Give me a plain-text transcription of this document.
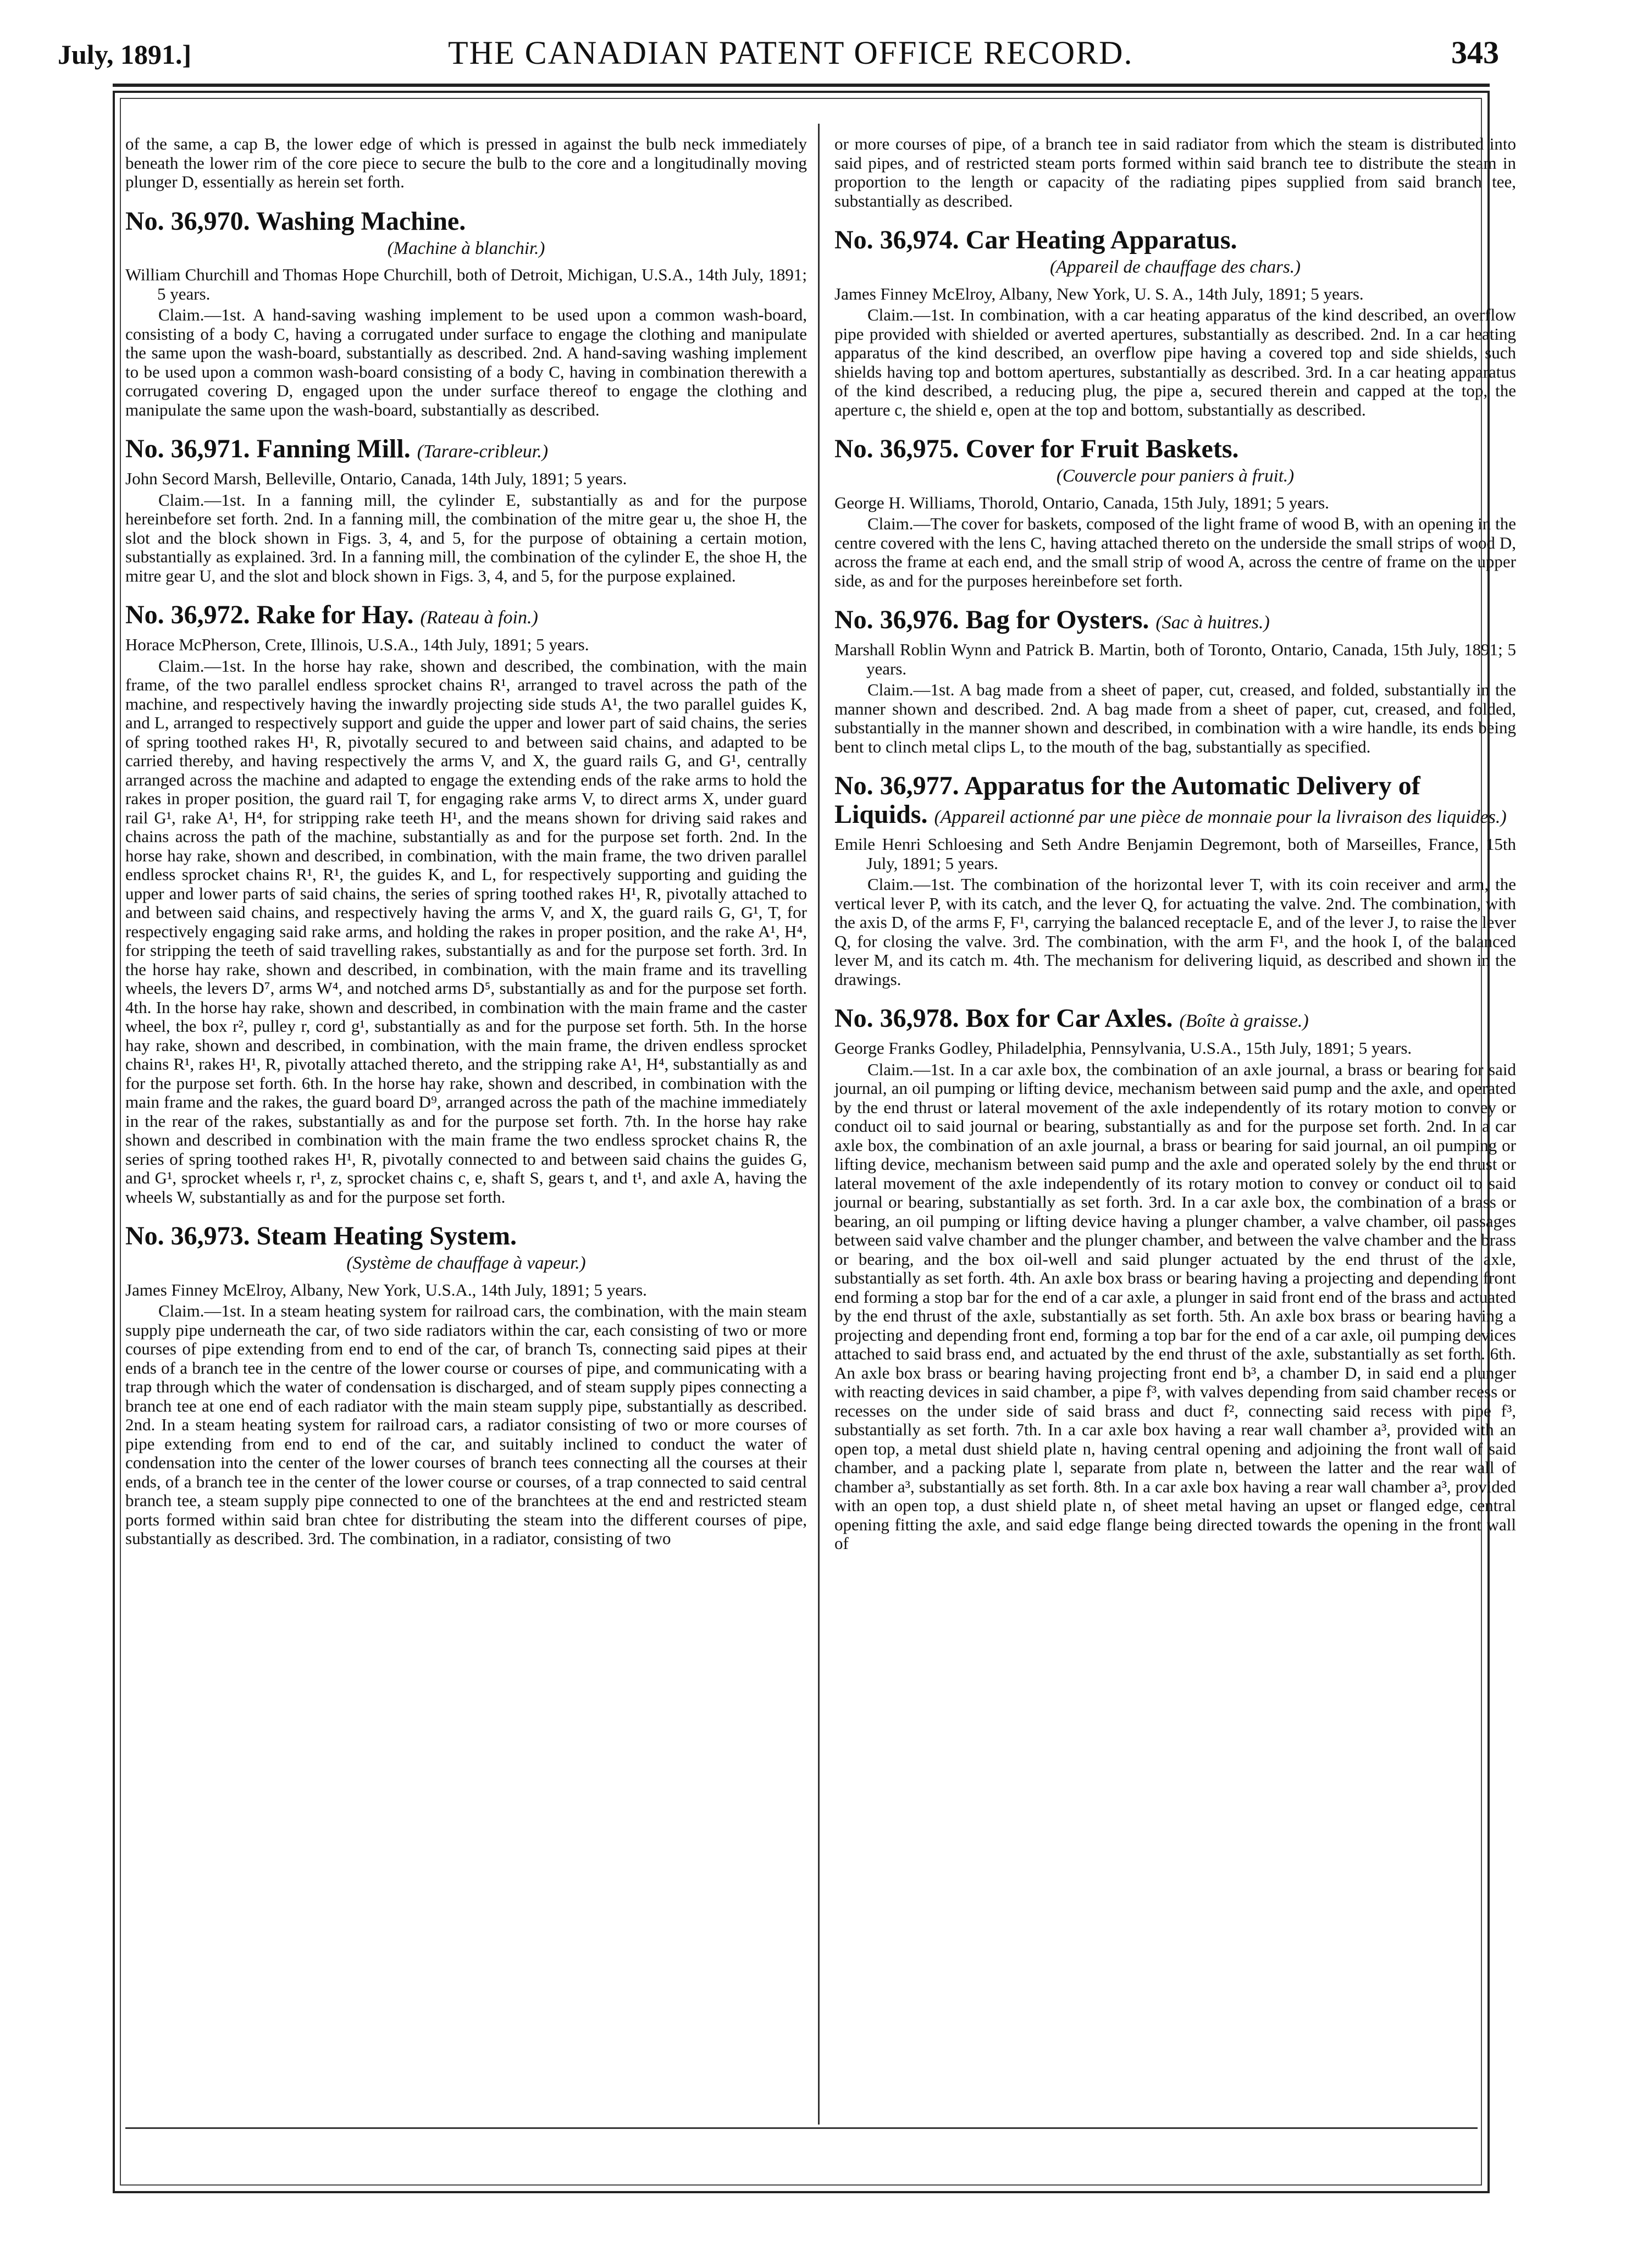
July, 1891.]	THE CANADIAN PATENT OFFICE RECORD.	343

of the same, a cap B, the lower edge of which is pressed in against the bulb neck immediately beneath the lower rim of the core piece to secure the bulb to the core and a longitudinally moving plunger D, essentially as herein set forth.

No. 36,970. Washing Machine.
(Machine à blanchir.)

William Churchill and Thomas Hope Churchill, both of Detroit, Michigan, U.S.A., 14th July, 1891; 5 years.

Claim.—1st. A hand-saving washing implement to be used upon a common wash-board, consisting of a body C, having a corrugated under surface to engage the clothing and manipulate the same upon the wash-board, substantially as described. 2nd. A hand-saving washing implement to be used upon a common wash-board consisting of a body C, having in combination therewith a corrugated covering D, engaged upon the under surface thereof to engage the clothing and manipulate the same upon the wash-board, substantially as described.

No. 36,971. Fanning Mill. (Tarare-cribleur.)

John Secord Marsh, Belleville, Ontario, Canada, 14th July, 1891; 5 years.

Claim.—1st. In a fanning mill, the cylinder E, substantially as and for the purpose hereinbefore set forth. 2nd. In a fanning mill, the combination of the mitre gear u, the shoe H, the slot and the block shown in Figs. 3, 4, and 5, for the purpose of obtaining a certain motion, substantially as explained. 3rd. In a fanning mill, the combination of the cylinder E, the shoe H, the mitre gear U, and the slot and block shown in Figs. 3, 4, and 5, for the purpose explained.

No. 36,972. Rake for Hay. (Rateau à foin.)

Horace McPherson, Crete, Illinois, U.S.A., 14th July, 1891; 5 years.

Claim.—1st. In the horse hay rake, shown and described, the combination, with the main frame, of the two parallel endless sprocket chains R¹, arranged to travel across the path of the machine, and respectively having the inwardly projecting side studs A¹, the two parallel guides K, and L, arranged to respectively support and guide the upper and lower part of said chains, the series of spring toothed rakes H¹, R, pivotally secured to and between said chains, and adapted to be carried thereby, and having respectively the arms V, and X, the guard rails G, and G¹, centrally arranged across the machine and adapted to engage the extending ends of the rake arms to hold the rakes in proper position, the guard rail T, for engaging rake arms V, to direct arms X, under guard rail G¹, rake A¹, H⁴, for stripping rake teeth H¹, and the means shown for driving said rakes and chains across the path of the machine, substantially as and for the purpose set forth. 2nd. In the horse hay rake, shown and described, in combination, with the main frame, the two driven parallel endless sprocket chains R¹, R¹, the guides K, and L, for respectively supporting and guiding the upper and lower parts of said chains, the series of spring toothed rakes H¹, R, pivotally attached to and between said chains, and respectively having the arms V, and X, the guard rails G, G¹, T, for respectively engaging said rake arms, and holding the rakes in proper position, and the rake A¹, H⁴, for stripping the teeth of said travelling rakes, substantially as and for the purpose set forth. 3rd. In the horse hay rake, shown and described, in combination, with the main frame and its travelling wheels, the levers D⁷, arms W⁴, and notched arms D⁵, substantially as and for the purpose set forth. 4th. In the horse hay rake, shown and described, in combination with the main frame and the caster wheel, the box r², pulley r, cord g¹, substantially as and for the purpose set forth. 5th. In the horse hay rake, shown and described, in combination, with the main frame, the driven endless sprocket chains R¹, rakes H¹, R, pivotally attached thereto, and the stripping rake A¹, H⁴, substantially as and for the purpose set forth. 6th. In the horse hay rake, shown and described, in combination with the main frame and the rakes, the guard board D⁹, arranged across the path of the machine immediately in the rear of the rakes, substantially as and for the purpose set forth. 7th. In the horse hay rake shown and described in combination with the main frame the two endless sprocket chains R, the series of spring toothed rakes H¹, R, pivotally connected to and between said chains the guides G, and G¹, sprocket wheels r, r¹, z, sprocket chains c, e, shaft S, gears t, and t¹, and axle A, having the wheels W, substantially as and for the purpose set forth.

No. 36,973. Steam Heating System.
(Système de chauffage à vapeur.)

James Finney McElroy, Albany, New York, U.S.A., 14th July, 1891; 5 years.

Claim.—1st. In a steam heating system for railroad cars, the combination, with the main steam supply pipe underneath the car, of two side radiators within the car, each consisting of two or more courses of pipe extending from end to end of the car, of branch Ts, connecting said pipes at their ends of a branch tee in the centre of the lower course or courses of pipe, and communicating with a trap through which the water of condensation is discharged, and of steam supply pipes connecting a branch tee at one end of each radiator with the main steam supply pipe, substantially as described. 2nd. In a steam heating system for railroad cars, a radiator consisting of two or more courses of pipe extending from end to end of the car, and suitably inclined to conduct the water of condensation into the center of the lower courses of branch tees connecting all the courses at their ends, of a branch tee in the center of the lower course or courses, of a trap connected to said central branch tee, a steam supply pipe connected to one of the branchtees at the end and restricted steam ports formed within said bran chtee for distributing the steam into the different courses of pipe, substantially as described. 3rd. The combination, in a radiator, consisting of two

or more courses of pipe, of a branch tee in said radiator from which the steam is distributed into said pipes, and of restricted steam ports formed within said branch tee to distribute the steam in proportion to the length or capacity of the radiating pipes supplied from said branch tee, substantially as described.

No. 36,974. Car Heating Apparatus.
(Appareil de chauffage des chars.)

James Finney McElroy, Albany, New York, U. S. A., 14th July, 1891; 5 years.

Claim.—1st. In combination, with a car heating apparatus of the kind described, an overflow pipe provided with shielded or averted apertures, substantially as described. 2nd. In a car heating apparatus of the kind described, an overflow pipe having a covered top and side shields, such shields having top and bottom apertures, substantially as described. 3rd. In a car heating apparatus of the kind described, a reducing plug, the pipe a, secured therein and capped at the top, the aperture c, the shield e, open at the top and bottom, substantially as described.

No. 36,975. Cover for Fruit Baskets.
(Couvercle pour paniers à fruit.)

George H. Williams, Thorold, Ontario, Canada, 15th July, 1891; 5 years.

Claim.—The cover for baskets, composed of the light frame of wood B, with an opening in the centre covered with the lens C, having attached thereto on the underside the small strips of wood D, across the frame at each end, and the small strip of wood A, across the centre of frame on the upper side, as and for the purposes hereinbefore set forth.

No. 36,976. Bag for Oysters. (Sac à huitres.)

Marshall Roblin Wynn and Patrick B. Martin, both of Toronto, Ontario, Canada, 15th July, 1891; 5 years.

Claim.—1st. A bag made from a sheet of paper, cut, creased, and folded, substantially in the manner shown and described. 2nd. A bag made from a sheet of paper, cut, creased, and folded, substantially in the manner shown and described, in combination with a wire handle, its ends being bent to clinch metal clips L, to the mouth of the bag, substantially as specified.

No. 36,977. Apparatus for the Automatic Delivery of Liquids. (Appareil actionné par une pièce de monnaie pour la livraison des liquides.)

Emile Henri Schloesing and Seth Andre Benjamin Degremont, both of Marseilles, France, 15th July, 1891; 5 years.

Claim.—1st. The combination of the horizontal lever T, with its coin receiver and arm, the vertical lever P, with its catch, and the lever Q, for actuating the valve. 2nd. The combination, with the axis D, of the arms F, F¹, carrying the balanced receptacle E, and of the lever J, to raise the lever Q, for closing the valve. 3rd. The combination, with the arm F¹, and the hook I, of the balanced lever M, and its catch m. 4th. The mechanism for delivering liquid, as described and shown in the drawings.

No. 36,978. Box for Car Axles. (Boîte à graisse.)

George Franks Godley, Philadelphia, Pennsylvania, U.S.A., 15th July, 1891; 5 years.

Claim.—1st. In a car axle box, the combination of an axle journal, a brass or bearing for said journal, an oil pumping or lifting device, mechanism between said pump and the axle, and operated by the end thrust or lateral movement of the axle independently of its rotary motion to convey or conduct oil to said journal or bearing, substantially as and for the purpose set forth. 2nd. In a car axle box, the combination of an axle journal, a brass or bearing for said journal, an oil pumping or lifting device, mechanism between said pump and the axle and operated solely by the end thrust or lateral movement of the axle independently of its rotary motion to convey or conduct oil to said journal or bearing, substantially as set forth. 3rd. In a car axle box, the combination of a brass or bearing, an oil pumping or lifting device having a plunger chamber, a valve chamber, oil passages between said valve chamber and the plunger chamber, and between the valve chamber and the brass or bearing, and the box oil-well and said plunger actuated by the end thrust of the axle, substantially as set forth. 4th. An axle box brass or bearing having a projecting and depending front end forming a stop bar for the end of a car axle, a plunger in said front end of the brass and actuated by the end thrust of the axle, substantially as set forth. 5th. An axle box brass or bearing having a projecting and depending front end, forming a top bar for the end of a car axle, oil pumping devices attached to said brass end, and actuated by the end thrust of the axle, substantially as set forth. 6th. An axle box brass or bearing having projecting front end b³, a chamber D, in said end a plunger with reacting devices in said chamber, a pipe f³, with valves depending from said chamber recess or recesses on the under side of said brass and duct f², connecting said recess with pipe f³, substantially as set forth. 7th. In a car axle box having a rear wall chamber a³, provided with an open top, a metal dust shield plate n, having central opening and adjoining the front wall of said chamber, and a packing plate l, separate from plate n, between the latter and the rear wall of chamber a³, substantially as set forth. 8th. In a car axle box having a rear wall chamber a³, provided with an open top, a dust shield plate n, of sheet metal having an upset or flanged edge, central opening fitting the axle, and said edge flange being directed towards the opening in the front wall of
